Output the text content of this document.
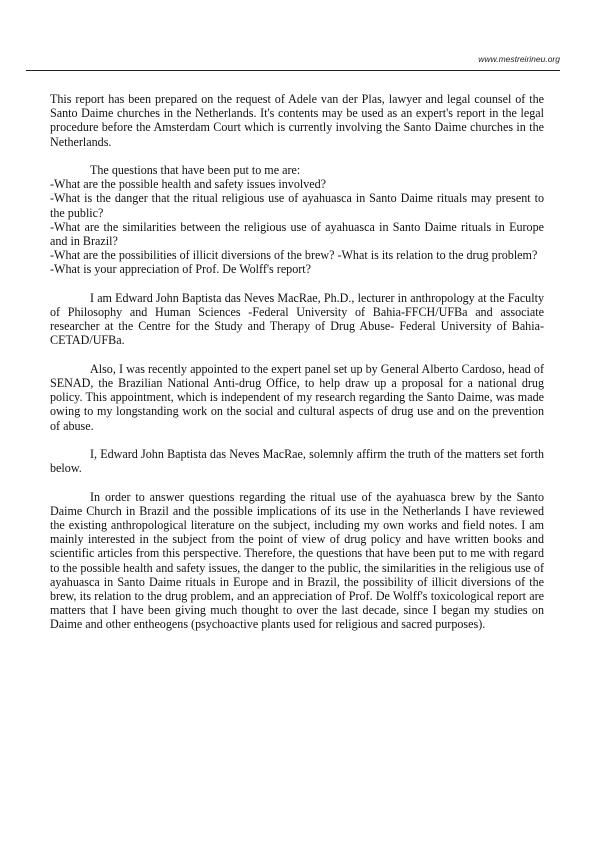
www.mestreirineu.org

This report has been prepared on the request of Adele van der Plas, lawyer and legal counsel of the Santo Daime churches in the Netherlands. It's contents may be used as an expert's report in the legal procedure before the Amsterdam Court which is currently involving the Santo Daime churches in the Netherlands.

The questions that have been put to me are:

-What are the possible health and safety issues involved?
-What is the danger that the ritual religious use of ayahuasca in Santo Daime rituals may present to the public?
-What are the similarities between the religious use of ayahuasca in Santo Daime rituals in Europe and in Brazil?
-What are the possibilities of illicit diversions of the brew? -What is its relation to the drug problem?
-What is your appreciation of Prof. De Wolff's report?

I am Edward John Baptista das Neves MacRae, Ph.D., lecturer in anthropology at the Faculty of Philosophy and Human Sciences -Federal University of Bahia-FFCH/UFBa and associate researcher at the Centre for the Study and Therapy of Drug Abuse- Federal University of Bahia-CETAD/UFBa.

Also, I was recently appointed to the expert panel set up by General Alberto Cardoso, head of SENAD, the Brazilian National Anti-drug Office, to help draw up a proposal for a national drug policy. This appointment, which is independent of my research regarding the Santo Daime, was made owing to my longstanding work on the social and cultural aspects of drug use and on the prevention of abuse.

I, Edward John Baptista das Neves MacRae, solemnly affirm the truth of the matters set forth below.

In order to answer questions regarding the ritual use of the ayahuasca brew by the Santo Daime Church in Brazil and the possible implications of its use in the Netherlands I have reviewed the existing anthropological literature on the subject, including my own works and field notes. I am mainly interested in the subject from the point of view of drug policy and have written books and scientific articles from this perspective. Therefore, the questions that have been put to me with regard to the possible health and safety issues, the danger to the public, the similarities in the religious use of ayahuasca in Santo Daime rituals in Europe and in Brazil, the possibility of illicit diversions of the brew, its relation to the drug problem, and an appreciation of Prof. De Wolff's toxicological report are matters that I have been giving much thought to over the last decade, since I began my studies on Daime and other entheogens (psychoactive plants used for religious and sacred purposes).
